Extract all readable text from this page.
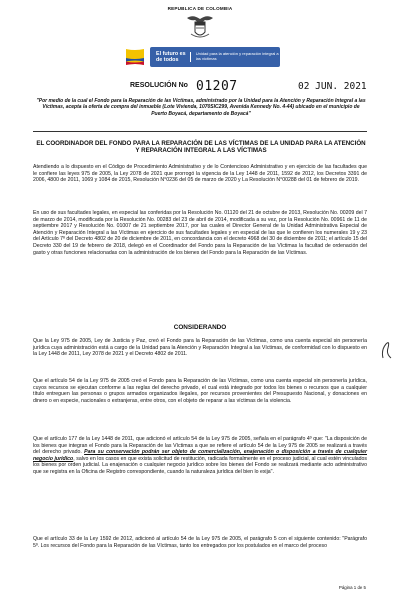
REPUBLICA DE COLOMBIA
El futuro es de todos
Unidad para la atención y reparación integral a las víctimas
RESOLUCIÓN No 01207	02 JUN. 2021
"Por medio de la cual el Fondo para la Reparación de las Víctimas, administrado por la Unidad para la Atención y Reparación Integral a las Víctimas, acepta la oferta de compra del inmueble (Lote Vivienda, 1070SIC299, Avenida Kennedy No. 4-44) ubicado en el municipio de Puerto Boyacá, departamento de Boyacá"
EL COORDINADOR DEL FONDO PARA LA REPARACIÓN DE LAS VÍCTIMAS DE LA UNIDAD PARA LA ATENCIÓN Y REPARACIÓN INTEGRAL A LAS VÍCTIMAS
Atendiendo a lo dispuesto en el Código de Procedimiento Administrativo y de lo Contencioso Administrativo y en ejercicio de las facultades que le confiere las leyes 975 de 2005, la Ley 2078 de 2021 que prorrogó la vigencia de la Ley 1448 de 2011, 1592 de 2012, los Decretos 3391 de 2006, 4800 de 2011, 1069 y 1084 de 2015, Resolución N°0236 del 05 de marzo de 2020 y La Resolución N°00288 del 01 de febrero de 2019.
En uso de sus facultades legales, en especial las conferidas por la Resolución No. 01120 del 21 de octubre de 2013, Resolución No. 00209 del 7 de marzo de 2014, modificada por la Resolución No. 00283 del 23 de abril de 2014, modificada a su vez, por la Resolución No. 00961 de 11 de septiembre 2017 y Resolución No. 01007 de 21 septiembre 2017, por las cuales el Director General de la Unidad Administrativa Especial de Atención y Reparación Integral a las Víctimas en ejercicio de sus facultades legales y en especial de las que le confieren los numerales 19 y 23 del Artículo 7º del Decreto 4802 de 20 de diciembre de 2011, en concordancia con el decreto 4968 del 30 de diciembre de 2011; el artículo 15 del Decreto 330 del 19 de febrero de 2018, delegó en el Coordinador del Fondo para la Reparación de las Víctimas la facultad de ordenación del gasto y otras funciones relacionadas con la administración de los bienes del Fondo para la Reparación de las Víctimas.
CONSIDERANDO
Que la Ley 975 de 2005, Ley de Justicia y Paz, creó el Fondo para la Reparación de las Víctimas, como una cuenta especial sin personería jurídica cuya administración está a cargo de la Unidad para la Atención y Reparación Integral a las Víctimas, de conformidad con lo dispuesto en la Ley 1448 de 2011, Ley 2078 de 2021 y el Decreto 4802 de 2011.
Que el artículo 54 de la Ley 975 de 2005 creó el Fondo para la Reparación de las Víctimas, como una cuenta especial sin personería jurídica, cuyos recursos se ejecutan conforme a las reglas del derecho privado, el cual está integrado por todos los bienes o recursos que a cualquier título entreguen las personas o grupos armados organizados ilegales, por recursos provenientes del Presupuesto Nacional, y donaciones en dinero o en especie, nacionales o extranjeras, entre otros, con el objeto de reparar a las víctimas de la violencia.
Que el artículo 177 de la Ley 1448 de 2011, que adicionó el artículo 54 de la Ley 975 de 2005, señala en el parágrafo 4º que: "La disposición de los bienes que integran el Fondo para la Reparación de las Víctimas a que se refiere el artículo 54 de la Ley 975 de 2005 se realizará a través del derecho privado. Para su conservación podrán ser objeto de comercialización, enajenación o disposición a través de cualquier negocio jurídico, salvo en los casos en que exista solicitud de restitución, radicada formalmente en el proceso judicial, al cual estén vinculados los bienes por orden judicial. La enajenación o cualquier negocio jurídico sobre los bienes del Fondo se realizará mediante acto administrativo que se registra en la Oficina de Registro correspondiente, cuando la naturaleza jurídica del bien lo exija".
Que el artículo 33 de la Ley 1592 de 2012, adicionó al artículo 54 de la Ley 975 de 2005, el parágrafo 5 con el siguiente contenido: "Parágrafo 5º. Los recursos del Fondo para la Reparación de las Víctimas, tanto los entregados por los postulados en el marco del proceso
Página 1 de 5
